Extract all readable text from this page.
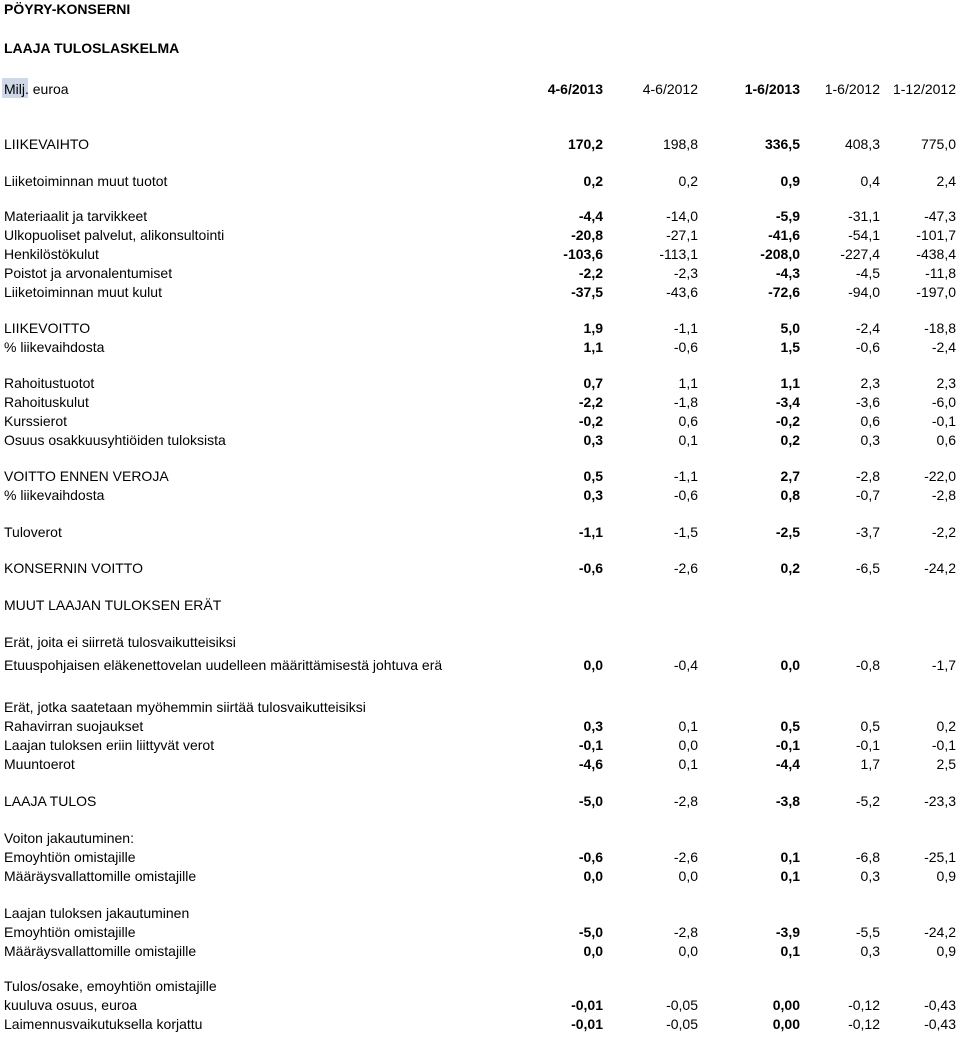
PÖYRY-KONSERNI
LAAJA TULOSLASKELMA
Milj. euroa	4-6/2013	4-6/2012	1-6/2013 1-6/2012 1-12/2012
LIIKEVAIHTO	170,2	198,8	336,5	408,3	775,0
Liiketoiminnan muut tuotot	0,2	0,2	0,9	0,4	2,4
Materiaalit ja tarvikkeet	-4,4	-14,0	-5,9	-31,1	-47,3
Ulkopuoliset palvelut, alikonsultointi	-20,8	-27,1	-41,6	-54,1	-101,7
Henkilöstökulut	-103,6	-113,1	-208,0	-227,4	-438,4
Poistot ja arvonalentumiset	-2,2	-2,3	-4,3	-4,5	-11,8
Liiketoiminnan muut kulut	-37,5	-43,6	-72,6	-94,0	-197,0
LIIKEVOITTO	1,9	-1,1	5,0	-2,4	-18,8
% liikevaihdosta	1,1	-0,6	1,5	-0,6	-2,4
Rahoitustuotot	0,7	1,1	1,1	2,3	2,3
Rahoituskulut	-2,2	-1,8	-3,4	-3,6	-6,0
Kurssierot	-0,2	0,6	-0,2	0,6	-0,1
Osuus osakkuusyhtiöiden tuloksista	0,3	0,1	0,2	0,3	0,6
VOITTO ENNEN VEROJA	0,5	-1,1	2,7	-2,8	-22,0
% liikevaihdosta	0,3	-0,6	0,8	-0,7	-2,8
Tuloverot	-1,1	-1,5	-2,5	-3,7	-2,2
KONSERNIN VOITTO	-0,6	-2,6	0,2	-6,5	-24,2
MUUT LAAJAN TULOKSEN ERÄT
Erät, joita ei siirretä tulosvaikutteisiksi
Etuuspohjaisen eläkenettovelan uudelleen määrittämisestä johtuva erä	0,0	-0,4	0,0	-0,8	-1,7
Erät, jotka saatetaan myöhemmin siirtää tulosvaikutteisiksi
Rahavirran suojaukset	0,3	0,1	0,5	0,5	0,2
Laajan tuloksen eriin liittyvät verot	-0,1	0,0	-0,1	-0,1	-0,1
Muuntoerot	-4,6	0,1	-4,4	1,7	2,5
LAAJA TULOS	-5,0	-2,8	-3,8	-5,2	-23,3
Voiton jakautuminen:
Emoyhtiön omistajille	-0,6	-2,6	0,1	-6,8	-25,1
Määräysvallattomille omistajille	0,0	0,0	0,1	0,3	0,9
Laajan tuloksen jakautuminen
Emoyhtiön omistajille	-5,0	-2,8	-3,9	-5,5	-24,2
Määräysvallattomille omistajille	0,0	0,0	0,1	0,3	0,9
Tulos/osake, emoyhtiön omistajille
kuuluva osuus, euroa	-0,01	-0,05	0,00	-0,12	-0,43
Laimennusvaikutuksella korjattu	-0,01	-0,05	0,00	-0,12	-0,43
